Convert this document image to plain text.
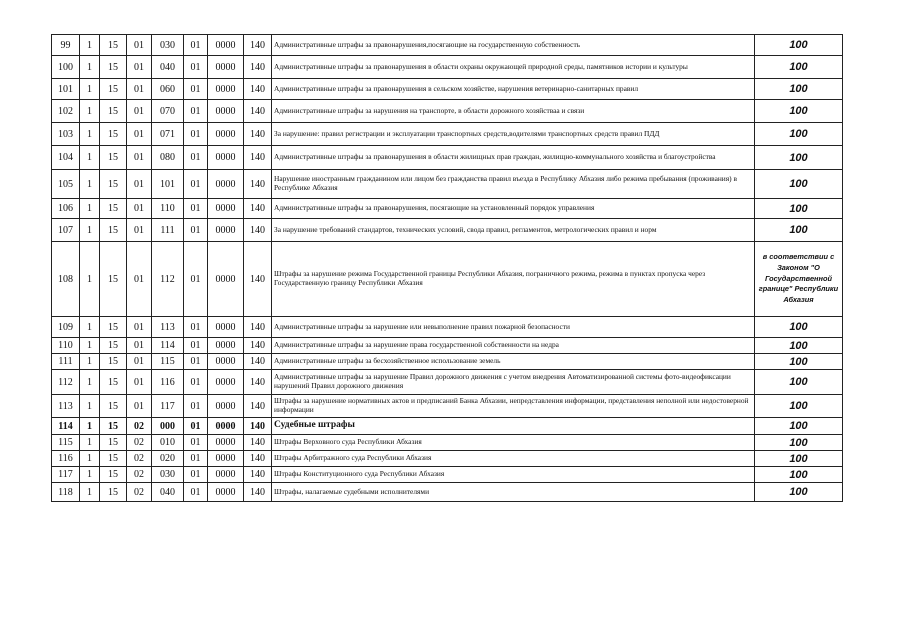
99	1	15	01	030	01	0000	140	Административные штрафы за правонарушения,посягающие на государственную собственность	100
100	1	15	01	040	01	0000	140	Административные штрафы за правонарушения в области охраны окружающей природной среды, памятников истории и культуры	100
101	1	15	01	060	01	0000	140	Административные штрафы за правонарушения в сельском хозяйстве, нарушения ветеринарно-санитарных правил	100
102	1	15	01	070	01	0000	140	Административные штрафы за нарушения на транспорте, в области дорожного хозяйстваа и связи	100
103	1	15	01	071	01	0000	140	За нарушение: правил регистрации и эксплуатации транспортных средств,водителями транспортных средств правил ПДД	100
104	1	15	01	080	01	0000	140	Административные штрафы за правонарушения в области жилищных прав граждан, жилищно-коммунального хозяйства и благоустройства	100
105	1	15	01	101	01	0000	140	Нарушение иностранным гражданином или лицом без гражданства правил въезда в Республику Абхазия либо режима пребывания (проживания) в Республике Абхазия	100
106	1	15	01	110	01	0000	140	Административные штрафы за правонарушения, посягающие на установленный порядок управления	100
107	1	15	01	111	01	0000	140	За нарушение требований стандартов, технических условий, свода правил, регламентов, метрологических правил и норм	100
108	1	15	01	112	01	0000	140	Штрафы за нарушение режима Государственной границы Республики Абхазия, пограничного режима, режима в пунктах пропуска через Государственную границу Республики Абхазия	в соответствии с Законом "О Государственной границе" Республики Абхазия
109	1	15	01	113	01	0000	140	Административные штрафы за нарушение или невыполнение правил пожарной безопасности	100
110	1	15	01	114	01	0000	140	Административные штрафы за нарушение права государственной собственности на недра	100
111	1	15	01	115	01	0000	140	Административные штрафы за бесхозяйственное использование земель	100
112	1	15	01	116	01	0000	140	Административные штрафы за нарушение Правил дорожного движения с учетом внедрения Автоматизированной системы фото-видеофиксации нарушений Правил дорожного движения	100
113	1	15	01	117	01	0000	140	Штрафы за нарушение нормативных актов и предписаний Банка Абхазии, непредставления информации, представления неполной или недостоверной информации	100
114	1	15	02	000	01	0000	140	Судебные штрафы	100
115	1	15	02	010	01	0000	140	Штрафы Верховного суда Республики Абхазия	100
116	1	15	02	020	01	0000	140	Штрафы Арбитражного суда Республики Абхазия	100
117	1	15	02	030	01	0000	140	Штрафы Конституционного суда Республики Абхазия	100
118	1	15	02	040	01	0000	140	Штрафы, налагаемые судебными исполнителями	100
